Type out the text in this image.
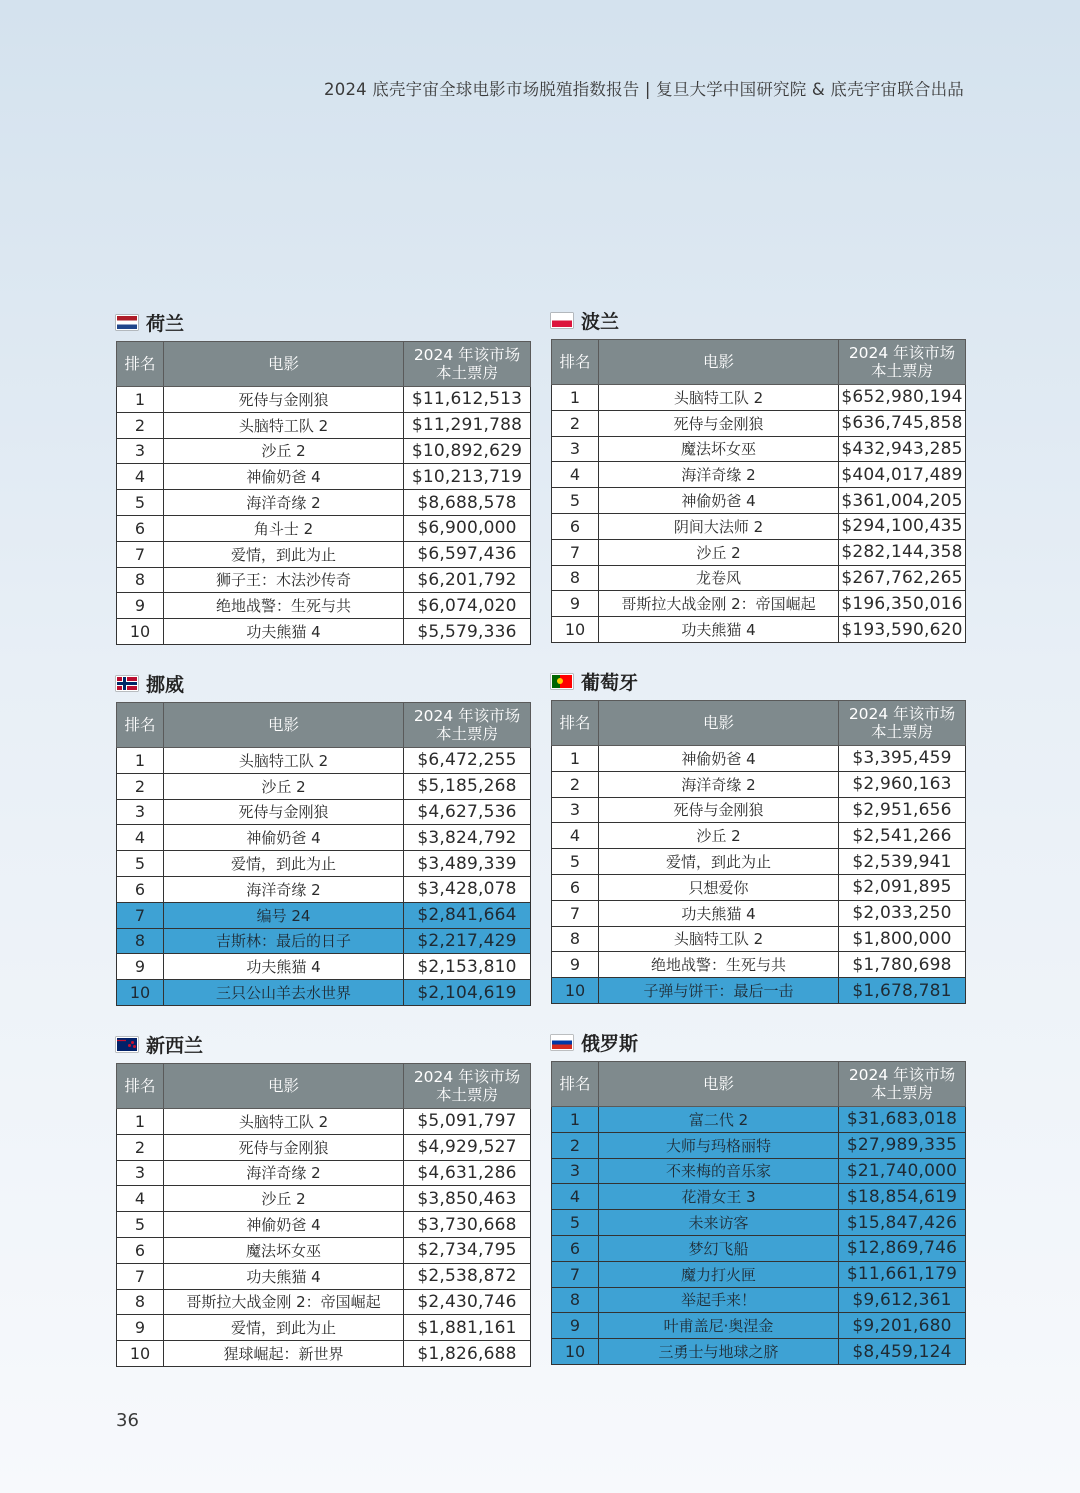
2024 底壳宇宙全球电影市场脱殖指数报告 | 复旦大学中国研究院 & 底壳宇宙联合出品
荷兰
排名	电影	2024 年该市场
本土票房

1	死侍与金刚狼	$11,612,513
2	头脑特工队 2	$11,291,788
3	沙丘 2	$10,892,629
4	神偷奶爸 4	$10,213,719
5	海洋奇缘 2	$8,688,578
6	角斗士 2	$6,900,000
7	爱情，到此为止	$6,597,436
8	狮子王：木法沙传奇	$6,201,792
9	绝地战警：生死与共	$6,074,020
10	功夫熊猫 4	$5,579,336
波兰
排名	电影	2024 年该市场
本土票房

1	头脑特工队 2	$652,980,194
2	死侍与金刚狼	$636,745,858
3	魔法坏女巫	$432,943,285
4	海洋奇缘 2	$404,017,489
5	神偷奶爸 4	$361,004,205
6	阴间大法师 2	$294,100,435
7	沙丘 2	$282,144,358
8	龙卷风	$267,762,265
9	哥斯拉大战金刚 2：帝国崛起	$196,350,016
10	功夫熊猫 4	$193,590,620
挪威
排名	电影	2024 年该市场
本土票房

1	头脑特工队 2	$6,472,255
2	沙丘 2	$5,185,268
3	死侍与金刚狼	$4,627,536
4	神偷奶爸 4	$3,824,792
5	爱情，到此为止	$3,489,339
6	海洋奇缘 2	$3,428,078
7	编号 24	$2,841,664
8	吉斯林：最后的日子	$2,217,429
9	功夫熊猫 4	$2,153,810
10	三只公山羊去水世界	$2,104,619
葡萄牙
排名	电影	2024 年该市场
本土票房

1	神偷奶爸 4	$3,395,459
2	海洋奇缘 2	$2,960,163
3	死侍与金刚狼	$2,951,656
4	沙丘 2	$2,541,266
5	爱情，到此为止	$2,539,941
6	只想爱你	$2,091,895
7	功夫熊猫 4	$2,033,250
8	头脑特工队 2	$1,800,000
9	绝地战警：生死与共	$1,780,698
10	子弹与饼干：最后一击	$1,678,781
新西兰
排名	电影	2024 年该市场
本土票房

1	头脑特工队 2	$5,091,797
2	死侍与金刚狼	$4,929,527
3	海洋奇缘 2	$4,631,286
4	沙丘 2	$3,850,463
5	神偷奶爸 4	$3,730,668
6	魔法坏女巫	$2,734,795
7	功夫熊猫 4	$2,538,872
8	哥斯拉大战金刚 2：帝国崛起	$2,430,746
9	爱情，到此为止	$1,881,161
10	猩球崛起：新世界	$1,826,688
俄罗斯
排名	电影	2024 年该市场
本土票房

1	富二代 2	$31,683,018
2	大师与玛格丽特	$27,989,335
3	不来梅的音乐家	$21,740,000
4	花滑女王 3	$18,854,619
5	未来访客	$15,847,426
6	梦幻飞船	$12,869,746
7	魔力打火匣	$11,661,179
8	举起手来！	$9,612,361
9	叶甫盖尼·奥涅金	$9,201,680
10	三勇士与地球之脐	$8,459,124
36
